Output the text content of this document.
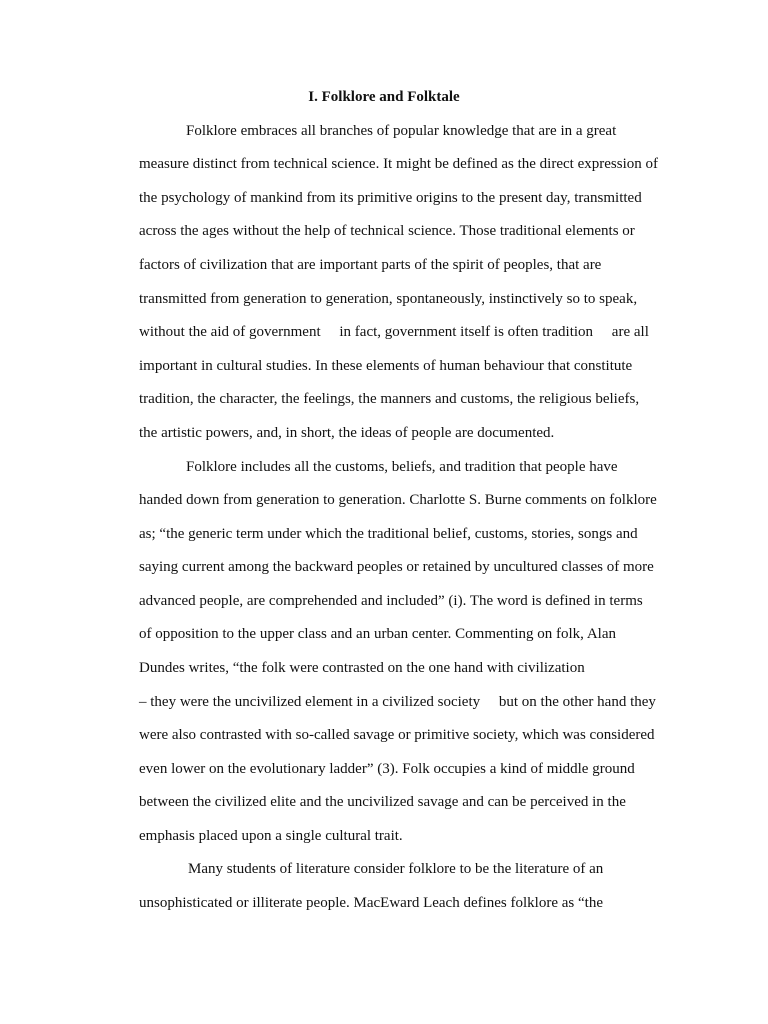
I. Folklore and Folktale
Folklore embraces all branches of popular knowledge that are in a great
measure distinct from technical science. It might be defined as the direct expression of
the psychology of mankind from its primitive origins to the present day, transmitted
across the ages without the help of technical science. Those traditional elements or
factors of civilization that are important parts of the spirit of peoples, that are
transmitted from generation to generation, spontaneously, instinctively so to speak,
without the aid of government     in fact, government itself is often tradition     are all
important in cultural studies. In these elements of human behaviour that constitute
tradition, the character, the feelings, the manners and customs, the religious beliefs,
the artistic powers, and, in short, the ideas of people are documented.
Folklore includes all the customs, beliefs, and tradition that people have
handed down from generation to generation. Charlotte S. Burne comments on folklore
as; “the generic term under which the traditional belief, customs, stories, songs and
saying current among the backward peoples or retained by uncultured classes of more
advanced people, are comprehended and included” (i). The word is defined in terms
of opposition to the upper class and an urban center. Commenting on folk, Alan
Dundes writes, “the folk were contrasted on the one hand with civilization
– they were the uncivilized element in a civilized society     but on the other hand they
were also contrasted with so-called savage or primitive society, which was considered
even lower on the evolutionary ladder” (3). Folk occupies a kind of middle ground
between the civilized elite and the uncivilized savage and can be perceived in the
emphasis placed upon a single cultural trait.
Many students of literature consider folklore to be the literature of an
unsophisticated or illiterate people. MacEward Leach defines folklore as “the
